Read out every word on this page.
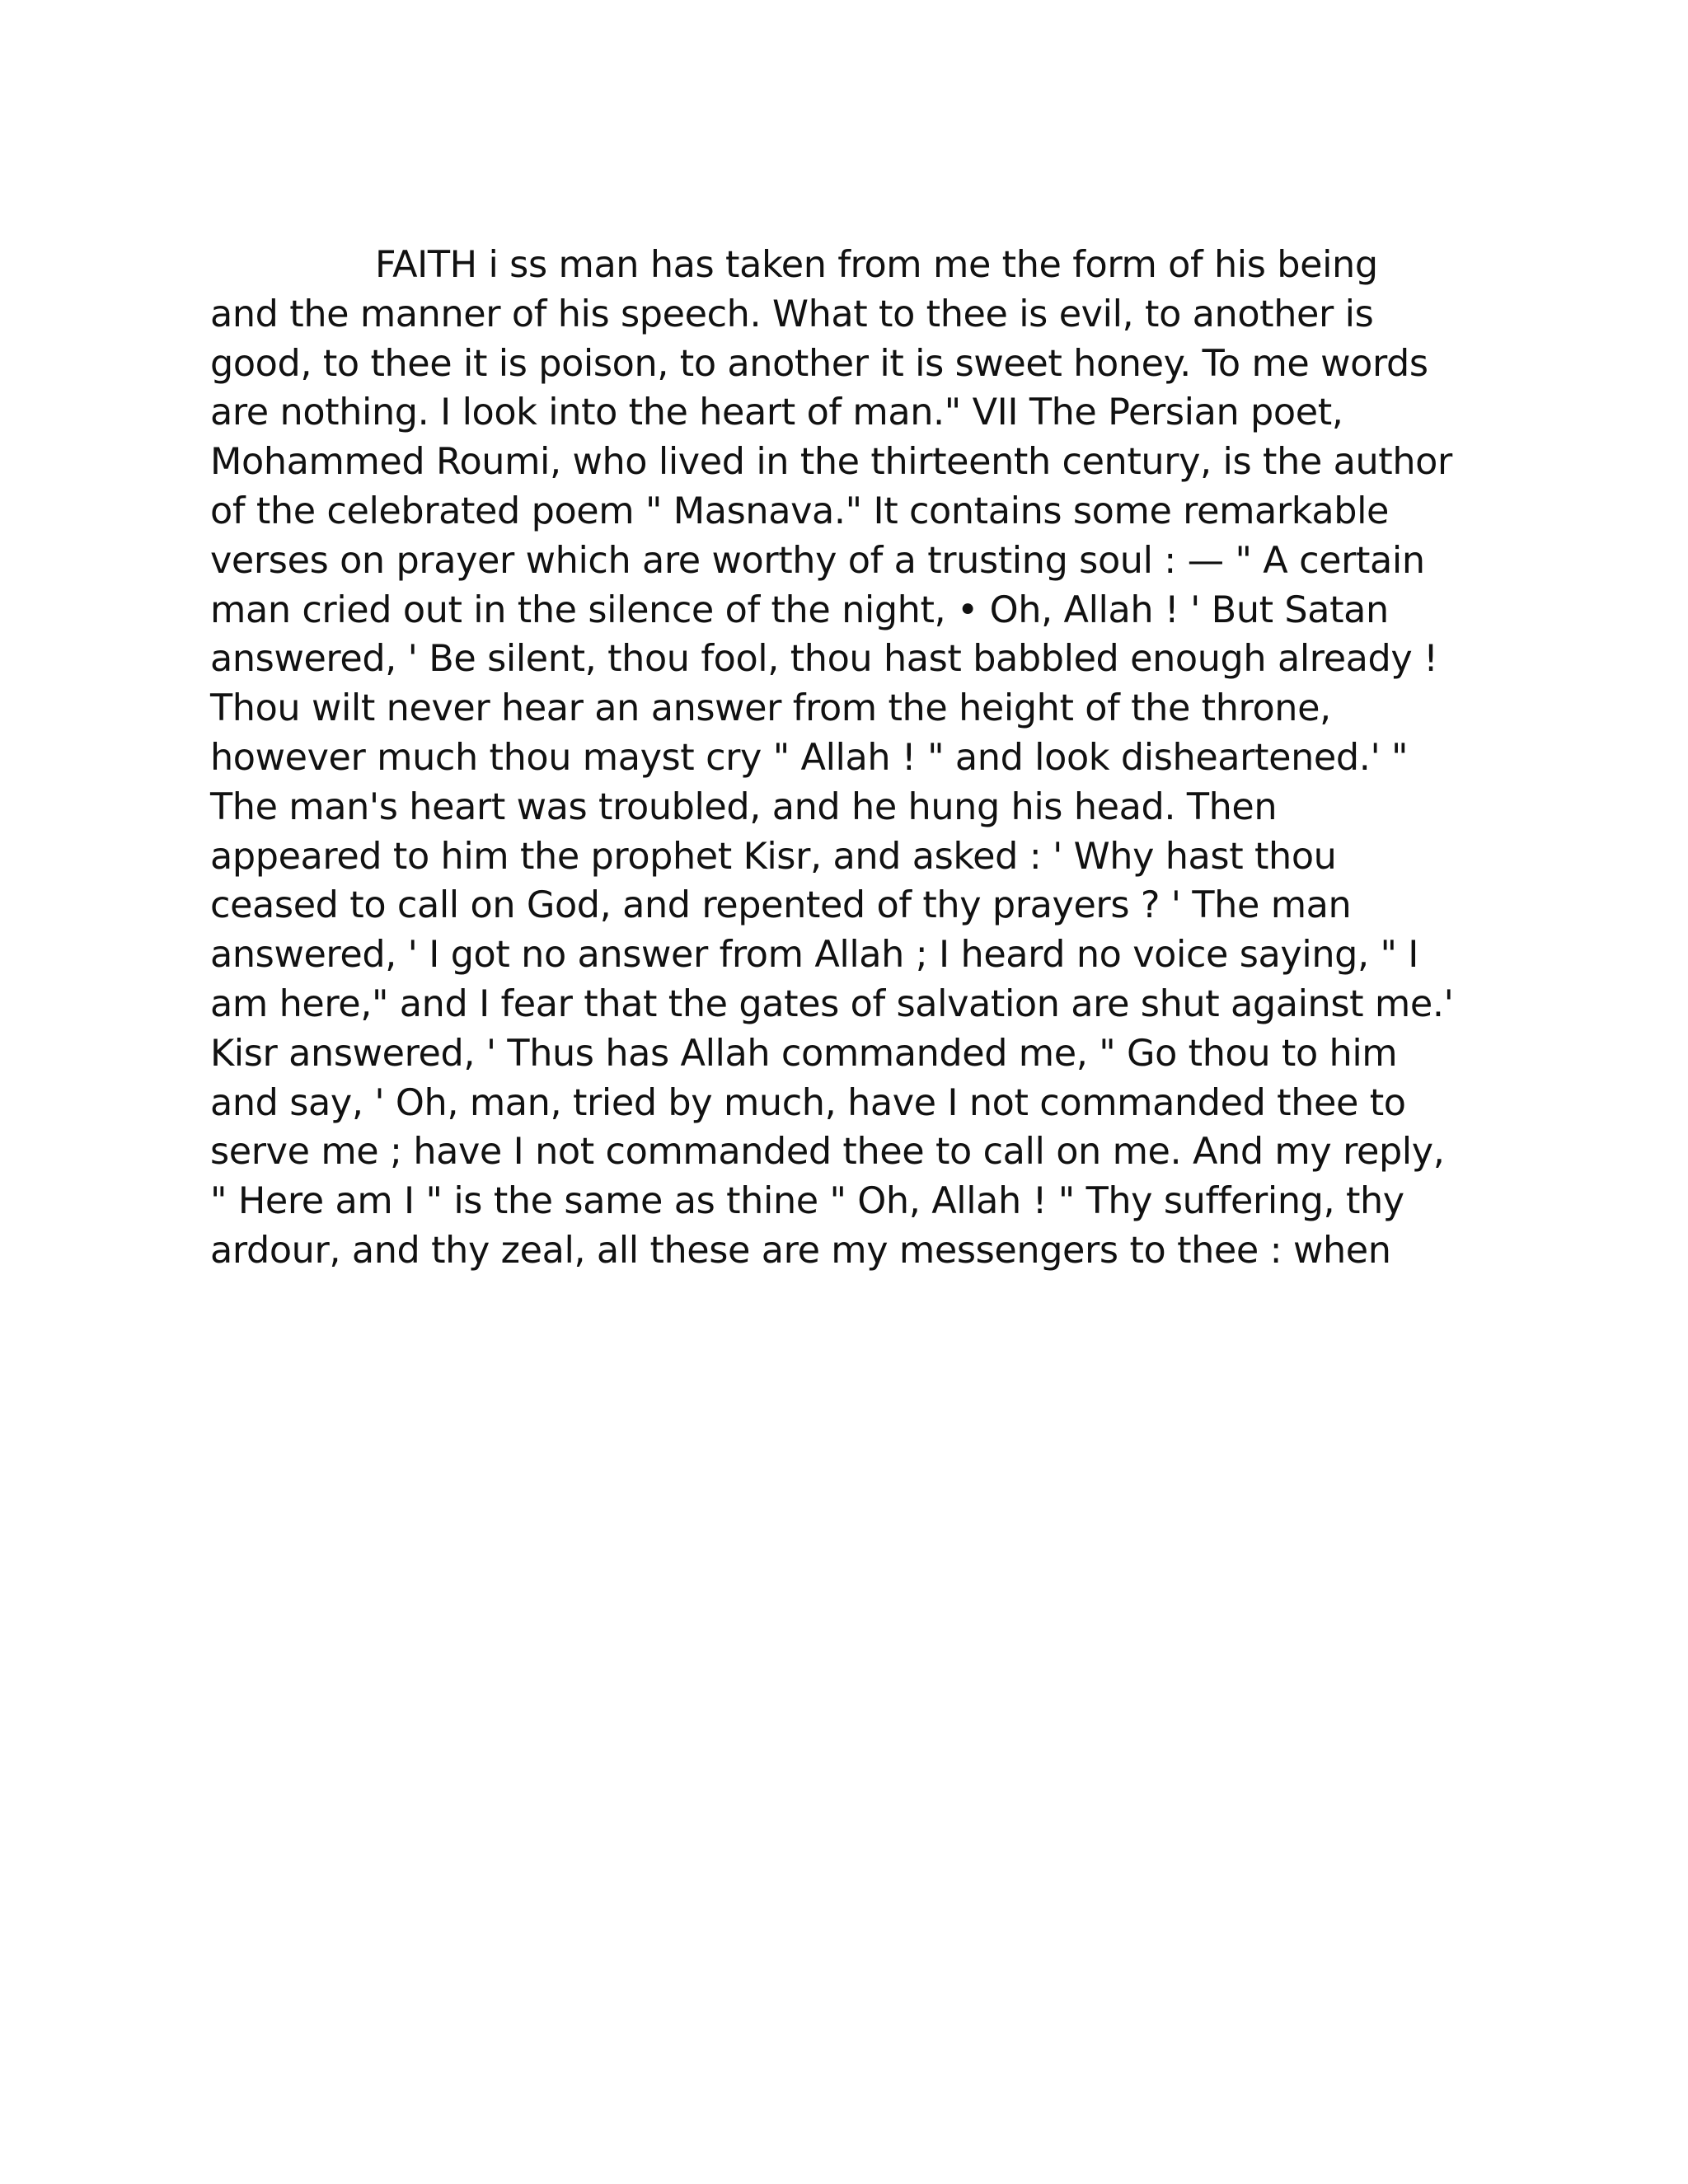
FAITH i ss man has taken from me the form of his being
and the manner of his speech. What to thee is evil, to another is
good, to thee it is poison, to another it is sweet honey. To me words
are nothing. I look into the heart of man." VII The Persian poet,
Mohammed Roumi, who lived in the thirteenth century, is the author
of the celebrated poem " Masnava." It contains some remarkable
verses on prayer which are worthy of a trusting soul : — " A certain
man cried out in the silence of the night, • Oh, Allah ! ' But Satan
answered, ' Be silent, thou fool, thou hast babbled enough already !
Thou wilt never hear an answer from the height of the throne,
however much thou mayst cry " Allah ! " and look disheartened.' "
The man's heart was troubled, and he hung his head. Then
appeared to him the prophet Kisr, and asked : ' Why hast thou
ceased to call on God, and repented of thy prayers ? ' The man
answered, ' I got no answer from Allah ; I heard no voice saying, " I
am here," and I fear that the gates of salvation are shut against me.'
Kisr answered, ' Thus has Allah commanded me, " Go thou to him
and say, ' Oh, man, tried by much, have I not commanded thee to
serve me ; have I not commanded thee to call on me. And my reply,
" Here am I " is the same as thine " Oh, Allah ! " Thy suffering, thy
ardour, and thy zeal, all these are my messengers to thee : when
